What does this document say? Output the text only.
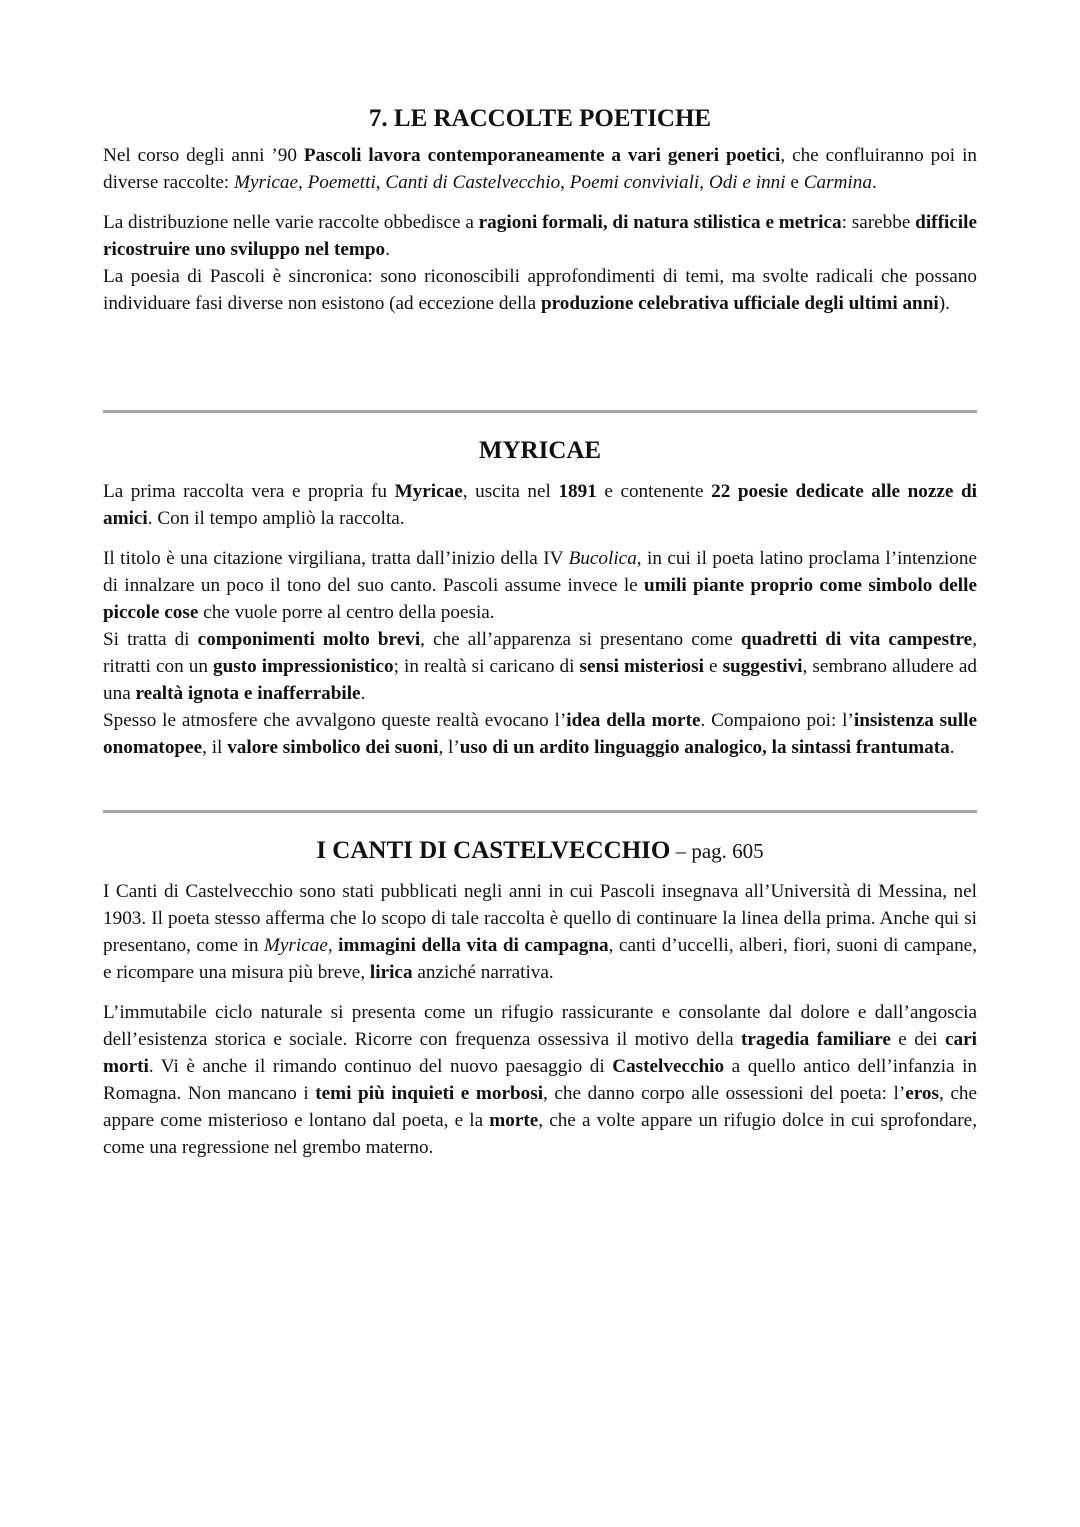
7. LE RACCOLTE POETICHE

Nel corso degli anni ’90 Pascoli lavora contemporaneamente a vari generi poetici, che confluiranno poi in diverse raccolte: Myricae, Poemetti, Canti di Castelvecchio, Poemi conviviali, Odi e inni e Carmina.

La distribuzione nelle varie raccolte obbedisce a ragioni formali, di natura stilistica e metrica: sarebbe difficile ricostruire uno sviluppo nel tempo.

La poesia di Pascoli è sincronica: sono riconoscibili approfondimenti di temi, ma svolte radicali che possano individuare fasi diverse non esistono (ad eccezione della produzione celebrativa ufficiale degli ultimi anni).

MYRICAE

La prima raccolta vera e propria fu Myricae, uscita nel 1891 e contenente 22 poesie dedicate alle nozze di amici. Con il tempo ampliò la raccolta.

Il titolo è una citazione virgiliana, tratta dall’inizio della IV Bucolica, in cui il poeta latino proclama l’intenzione di innalzare un poco il tono del suo canto. Pascoli assume invece le umili piante proprio come simbolo delle piccole cose che vuole porre al centro della poesia.

Si tratta di componimenti molto brevi, che all’apparenza si presentano come quadretti di vita campestre, ritratti con un gusto impressionistico; in realtà si caricano di sensi misteriosi e suggestivi, sembrano alludere ad una realtà ignota e inafferrabile.

Spesso le atmosfere che avvalgono queste realtà evocano l’idea della morte. Compaiono poi: l’insistenza sulle onomatopee, il valore simbolico dei suoni, l’uso di un ardito linguaggio analogico, la sintassi frantumata.

I CANTI DI CASTELVECCHIO – pag. 605

I Canti di Castelvecchio sono stati pubblicati negli anni in cui Pascoli insegnava all’Università di Messina, nel 1903. Il poeta stesso afferma che lo scopo di tale raccolta è quello di continuare la linea della prima. Anche qui si presentano, come in Myricae, immagini della vita di campagna, canti d’uccelli, alberi, fiori, suoni di campane, e ricompare una misura più breve, lirica anziché narrativa.

L’immutabile ciclo naturale si presenta come un rifugio rassicurante e consolante dal dolore e dall’angoscia dell’esistenza storica e sociale. Ricorre con frequenza ossessiva il motivo della tragedia familiare e dei cari morti. Vi è anche il rimando continuo del nuovo paesaggio di Castelvecchio a quello antico dell’infanzia in Romagna. Non mancano i temi più inquieti e morbosi, che danno corpo alle ossessioni del poeta: l’eros, che appare come misterioso e lontano dal poeta, e la morte, che a volte appare un rifugio dolce in cui sprofondare, come una regressione nel grembo materno.
